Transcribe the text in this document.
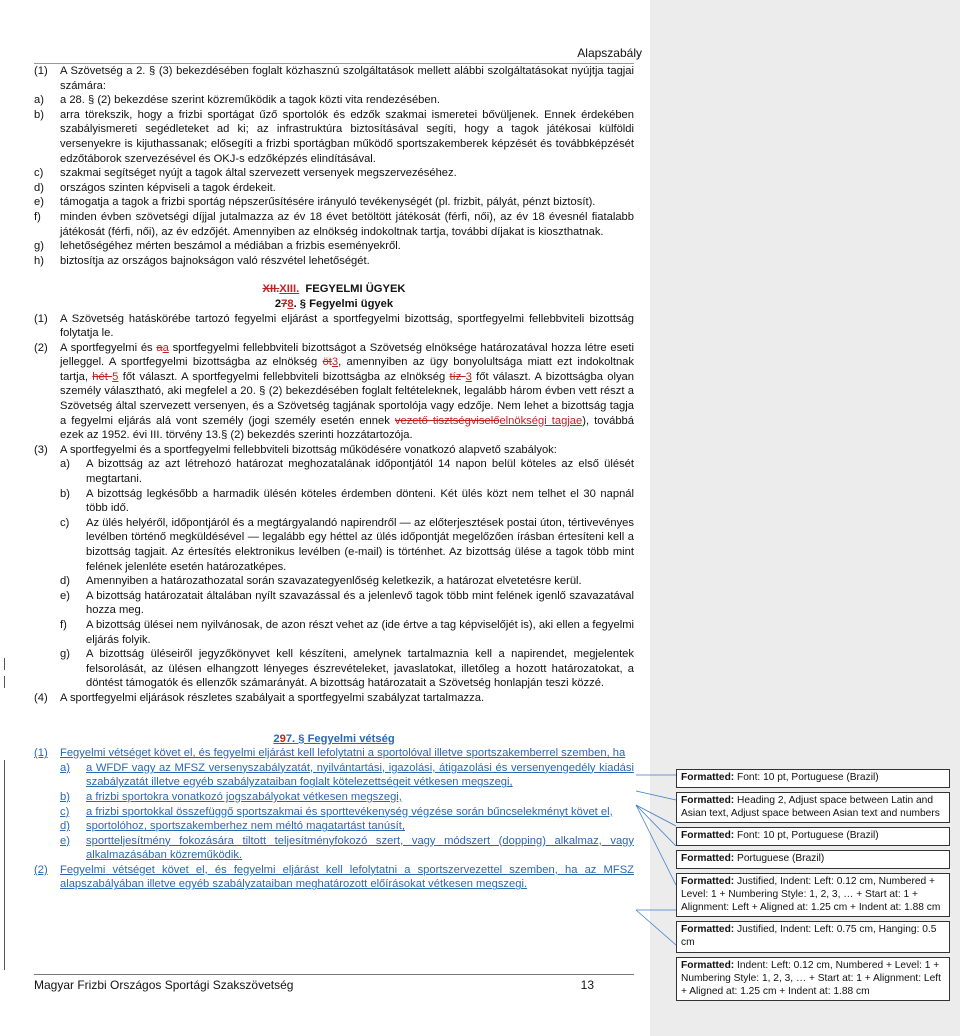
Alapszabály
(1)	A Szövetség a 2. § (3) bekezdésében foglalt közhasznú szolgáltatások mellett alábbi szolgáltatásokat nyújtja tagjai számára:
a)	a 28. § (2) bekezdése szerint közreműködik a tagok közti vita rendezésében.
b)	arra törekszik, hogy a frizbi sportágat űző sportolók és edzők szakmai ismeretei bővüljenek. Ennek érdekében szabályismereti segédleteket ad ki; az infrastruktúra biztosításával segíti, hogy a tagok játékosai külföldi versenyekre is kijuthassanak; elősegíti a frizbi sportágban működő sportszakemberek képzését és továbbképzését edzőtáborok szervezésével és OKJ-s edzőképzés elindításával.
c)	szakmai segítséget nyújt a tagok által szervezett versenyek megszervezéséhez.
d)	országos szinten képviseli a tagok érdekeit.
e)	támogatja a tagok a frizbi sportág népszerűsítésére irányuló tevékenységét (pl. frizbit, pályát, pénzt biztosít).
f)	minden évben szövetségi díjjal jutalmazza az év 18 évet betöltött játékosát (férfi, női), az év 18 évesnél fiatalabb játékosát (férfi, női), az év edzőjét. Amennyiben az elnökség indokoltnak tartja, további díjakat is kioszthatnak.
g)	lehetőségéhez mérten beszámol a médiában a frizbis eseményekről.
h)	biztosítja az országos bajnokságon való részvétel lehetőségét.
XII.XIII. FEGYELMI ÜGYEK
278. § Fegyelmi ügyek
(1)	A Szövetség hatáskörébe tartozó fegyelmi eljárást a sportfegyelmi bizottság, sportfegyelmi fellebbviteli bizottság folytatja le.
(2)	A sportfegyelmi és aa sportfegyelmi fellebbviteli bizottságot a Szövetség elnöksége határozatával hozza létre eseti jelleggel. A sportfegyelmi bizottságba az elnökség öt3, amennyiben az ügy bonyolultsága miatt ezt indokoltnak tartja, hét 5 főt választ. A sportfegyelmi fellebbviteli bizottságba az elnökség tíz 3 főt választ. A bizottságba olyan személy választható, aki megfelel a 20. § (2) bekezdésében foglalt feltételeknek, legalább három évben vett részt a Szövetség által szervezett versenyen, és a Szövetség tagjának sportolója vagy edzője. Nem lehet a bizottság tagja a fegyelmi eljárás alá vont személy (jogi személy esetén ennek vezető tisztségviselőelnökségi tagjae), továbbá ezek az 1952. évi III. törvény 13.§ (2) bekezdés szerinti hozzátartozója.
(3)	A sportfegyelmi és a sportfegyelmi fellebbviteli bizottság működésére vonatkozó alapvető szabályok:
a)	A bizottság az azt létrehozó határozat meghozatalának időpontjától 14 napon belül köteles az első ülését megtartani.
b)	A bizottság legkésőbb a harmadik ülésén köteles érdemben dönteni. Két ülés közt nem telhet el 30 napnál több idő.
c)	Az ülés helyéről, időpontjáról és a megtárgyalandó napirendről — az előterjesztések postai úton, tértivevényes levélben történő megküldésével — legalább egy héttel az ülés időpontját megelőzően írásban értesíteni kell a bizottság tagjait. Az értesítés elektronikus levélben (e-mail) is történhet. Az bizottság ülése a tagok több mint felének jelenléte esetén határozatképes.
d)	Amennyiben a határozathozatal során szavazategyenlőség keletkezik, a határozat elvetetésre kerül.
e)	A bizottság határozatait általában nyílt szavazással és a jelenlevő tagok több mint felének igenlő szavazatával hozza meg.
f)	A bizottság ülései nem nyilvánosak, de azon részt vehet az (ide értve a tag képviselőjét is), aki ellen a fegyelmi eljárás folyik.
g)	A bizottság üléseiről jegyzőkönyvet kell készíteni, amelynek tartalmaznia kell a napirendet, megjelentek felsorolását, az ülésen elhangzott lényeges észrevételeket, javaslatokat, illetőleg a hozott határozatokat, a döntést támogatók és ellenzők számarányát. A bizottság határozatait a Szövetség honlapján teszi közzé.
(4)	A sportfegyelmi eljárások részletes szabályait a sportfegyelmi szabályzat tartalmazza.
297. § Fegyelmi vétség
(1)	Fegyelmi vétséget követ el, és fegyelmi eljárást kell lefolytatni a sportolóval illetve sportszakemberrel szemben, ha
a)	a WFDF vagy az MFSZ versenyszabályzatát, nyilvántartási, igazolási, átigazolási és versenyengedély kiadási szabályzatát illetve egyéb szabályzataiban foglalt kötelezettségeit vétkesen megszegi,
b)	a frizbi sportokra vonatkozó jogszabályokat vétkesen megszegi,
c)	a frizbi sportokkal összefüggő sportszakmai és sporttevékenység végzése során bűncselekményt követ el,
d)	sportolóhoz, sportszakemberhez nem méltó magatartást tanúsít,
e)	sportteljesítmény fokozására tiltott teljesítményfokozó szert, vagy módszert (dopping) alkalmaz, vagy alkalmazásában közreműködik.
(2)	Fegyelmi vétséget követ el, és fegyelmi eljárást kell lefolytatni a sportszervezettel szemben, ha az MFSZ alapszabályában illetve egyéb szabályzataiban meghatározott előírásokat vétkesen megszegi.
Magyar Frizbi Országos Sportági Szakszövetség	13
Formatted: Font: 10 pt, Portuguese (Brazil)
Formatted: Heading 2, Adjust space between Latin and Asian text, Adjust space between Asian text and numbers
Formatted: Font: 10 pt, Portuguese (Brazil)
Formatted: Portuguese (Brazil)
Formatted: Justified, Indent: Left: 0.12 cm, Numbered + Level: 1 + Numbering Style: 1, 2, 3, … + Start at: 1 + Alignment: Left + Aligned at: 1.25 cm + Indent at: 1.88 cm
Formatted: Justified, Indent: Left: 0.75 cm, Hanging: 0.5 cm
Formatted: Indent: Left: 0.12 cm, Numbered + Level: 1 + Numbering Style: 1, 2, 3, … + Start at: 1 + Alignment: Left + Aligned at: 1.25 cm + Indent at: 1.88 cm
